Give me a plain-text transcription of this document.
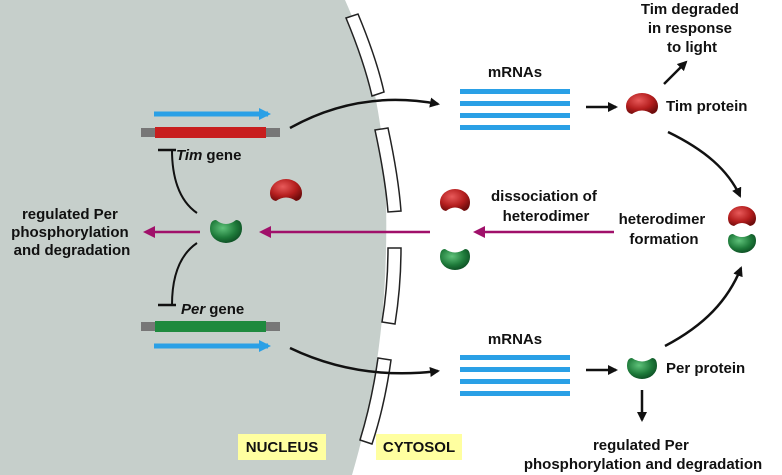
NUCLEUS	CYTOSOL
Tim gene
Per gene
regulated Per phosphorylation and degradation
mRNAs
mRNAs
Tim protein
Tim degraded in response to light
Per protein
regulated Per phosphorylation and degradation
heterodimer formation
dissociation of heterodimer
